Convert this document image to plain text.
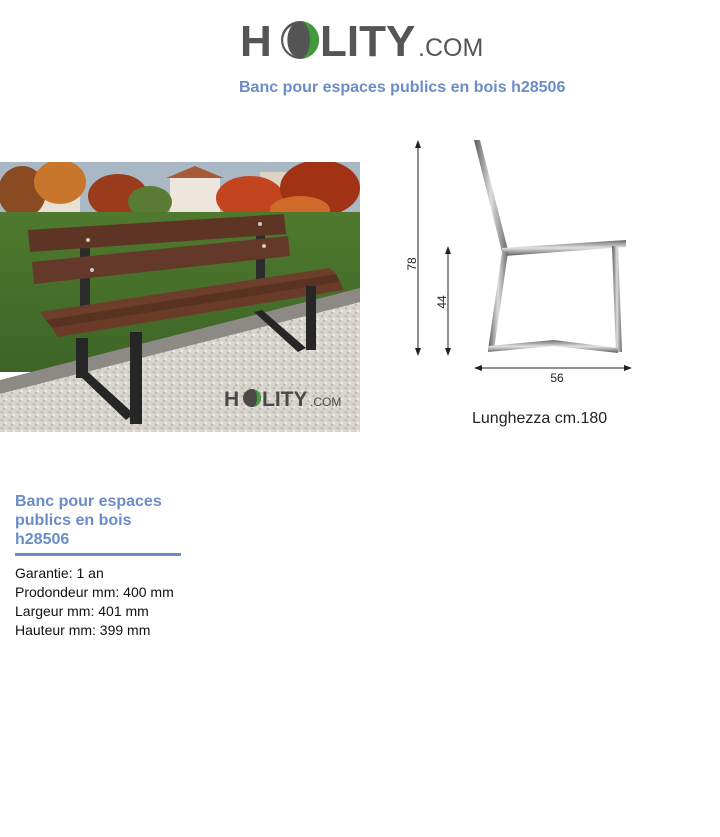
H LITY .COM
Banc pour espaces publics en bois h28506
H LITY .COM
78
44
56
Lunghezza cm.180
Banc pour espaces publics en bois h28506
Garantie: 1 an
Prodondeur mm: 400 mm
Largeur mm: 401 mm
Hauteur mm: 399 mm
